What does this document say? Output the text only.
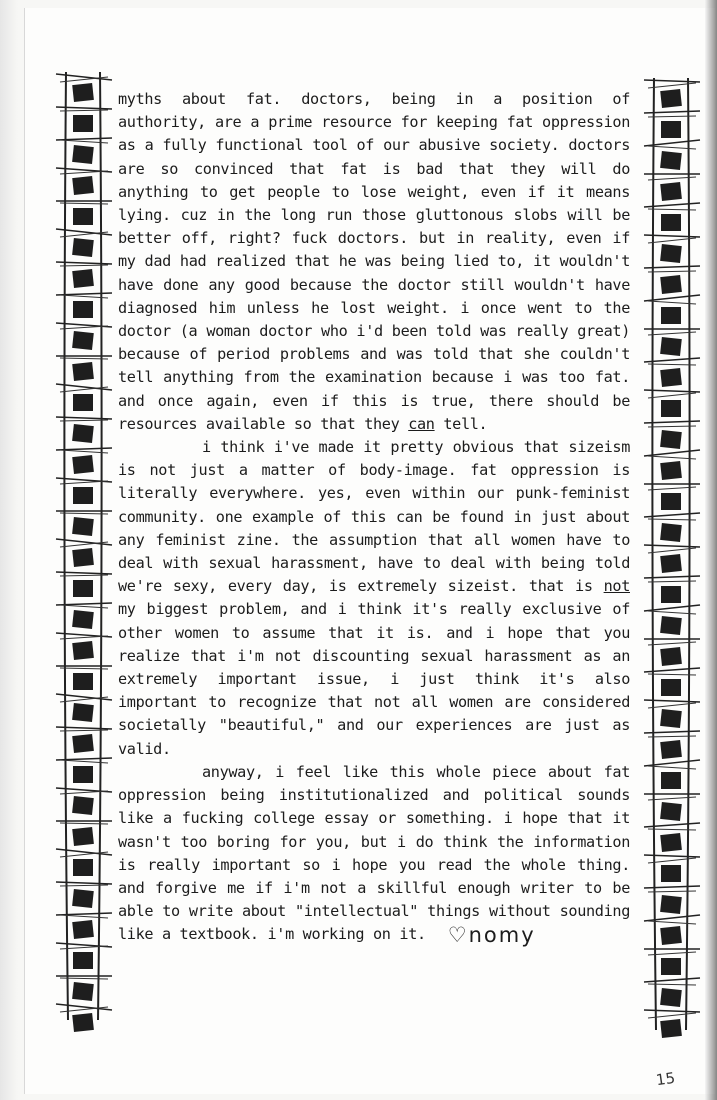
myths about fat. doctors, being in a position of authority, are a prime resource for keeping fat oppression as a fully functional tool of our abusive society. doctors are so convinced that fat is bad that they will do anything to get people to lose weight, even if it means lying. cuz in the long run those gluttonous slobs will be better off, right? fuck doctors. but in reality, even if my dad had realized that he was being lied to, it wouldn't have done any good because the doctor still wouldn't have diagnosed him unless he lost weight. i once went to the doctor (a woman doctor who i'd been told was really great) because of period problems and was told that she couldn't tell anything from the examination because i was too fat. and once again, even if this is true, there should be resources available so that they can tell.

i think i've made it pretty obvious that sizeism is not just a matter of body-image. fat oppression is literally everywhere. yes, even within our punk-feminist community. one example of this can be found in just about any feminist zine. the assumption that all women have to deal with sexual harassment, have to deal with being told we're sexy, every day, is extremely sizeist. that is not my biggest problem, and i think it's really exclusive of other women to assume that it is. and i hope that you realize that i'm not discounting sexual harassment as an extremely important issue, i just think it's also important to recognize that not all women are considered societally "beautiful," and our experiences are just as valid.

anyway, i feel like this whole piece about fat oppression being institutionalized and political sounds like a fucking college essay or something. i hope that it wasn't too boring for you, but i do think the information is really important so i hope you read the whole thing. and forgive me if i'm not a skillful enough writer to be able to write about "intellectual" things without sounding like a textbook. i'm working on it. ♡nomy

15
